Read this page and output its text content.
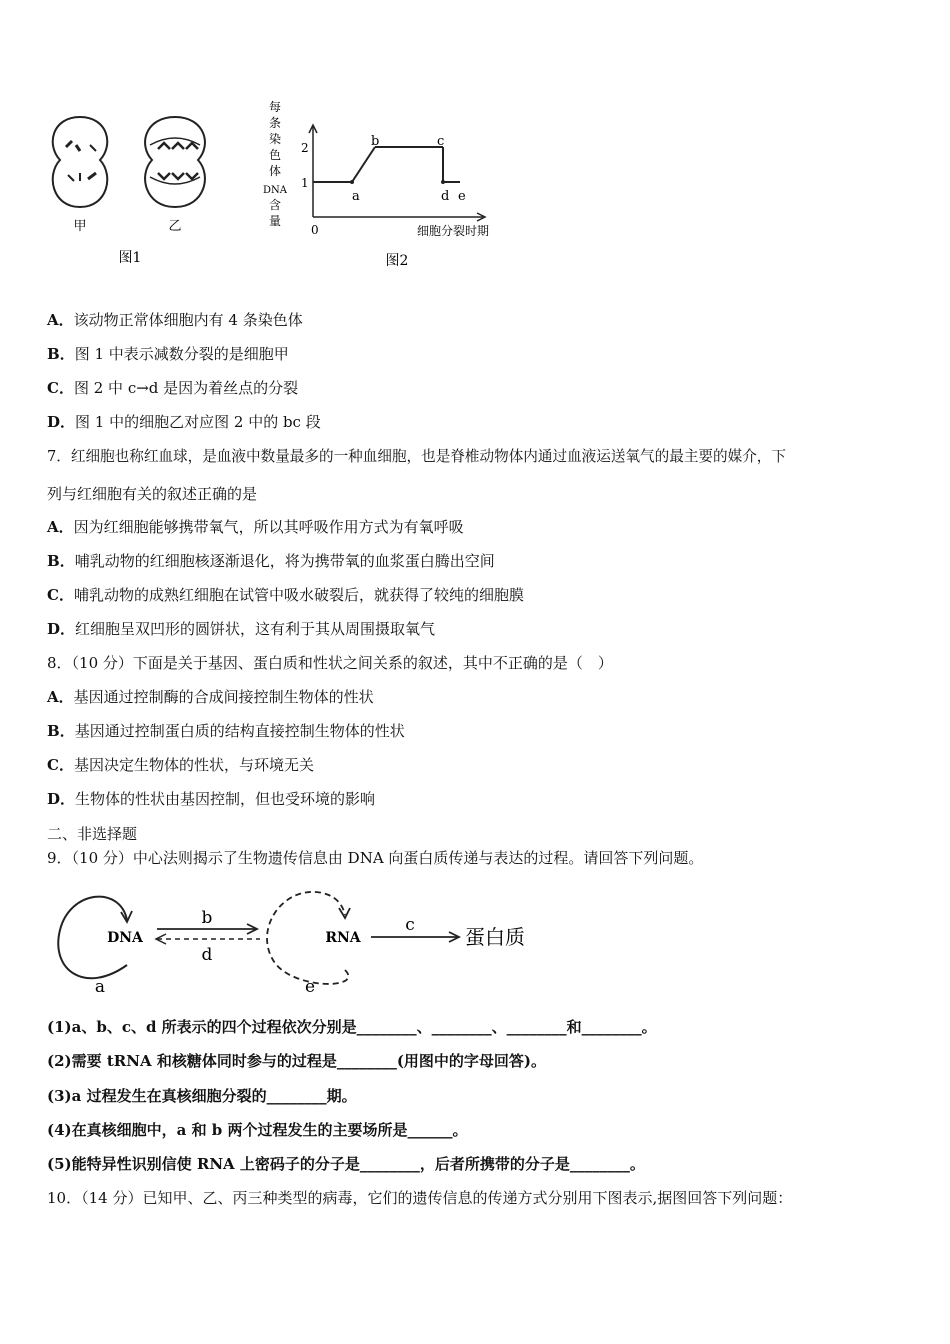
甲	乙
图1
每
条
染
色
体
DNA
含
量
2
1
0
a
b	c
d e
细胞分裂时期
图2
A．该动物正常体细胞内有 4 条染色体
B．图 1 中表示减数分裂的是细胞甲
C．图 2 中 c→d 是因为着丝点的分裂
D．图 1 中的细胞乙对应图 2 中的 bc 段
7．红细胞也称红血球，是血液中数量最多的一种血细胞，也是脊椎动物体内通过血液运送氧气的最主要的媒介，下
列与红细胞有关的叙述正确的是
A．因为红细胞能够携带氧气，所以其呼吸作用方式为有氧呼吸
B．哺乳动物的红细胞核逐渐退化，将为携带氧的血浆蛋白腾出空间
C．哺乳动物的成熟红细胞在试管中吸水破裂后，就获得了较纯的细胞膜
D．红细胞呈双凹形的圆饼状，这有利于其从周围摄取氧气
8．（10 分）下面是关于基因、蛋白质和性状之间关系的叙述，其中不正确的是（　）
A．基因通过控制酶的合成间接控制生物体的性状
B．基因通过控制蛋白质的结构直接控制生物体的性状
C．基因决定生物体的性状，与环境无关
D．生物体的性状由基因控制，但也受环境的影响
二、非选择题
9．（10 分）中心法则揭示了生物遗传信息由 DNA 向蛋白质传递与表达的过程。请回答下列问题。
DNA
a
b
d
RNA
e
c	蛋白质
(1)a、b、c、d 所表示的四个过程依次分别是________、________、________和________。
(2)需要 tRNA 和核糖体同时参与的过程是________(用图中的字母回答)。
(3)a 过程发生在真核细胞分裂的________期。
(4)在真核细胞中，a 和 b 两个过程发生的主要场所是______。
(5)能特异性识别信使 RNA 上密码子的分子是________，后者所携带的分子是________。
10．（14 分）已知甲、乙、丙三种类型的病毒，它们的遗传信息的传递方式分别用下图表示,据图回答下列问题：
